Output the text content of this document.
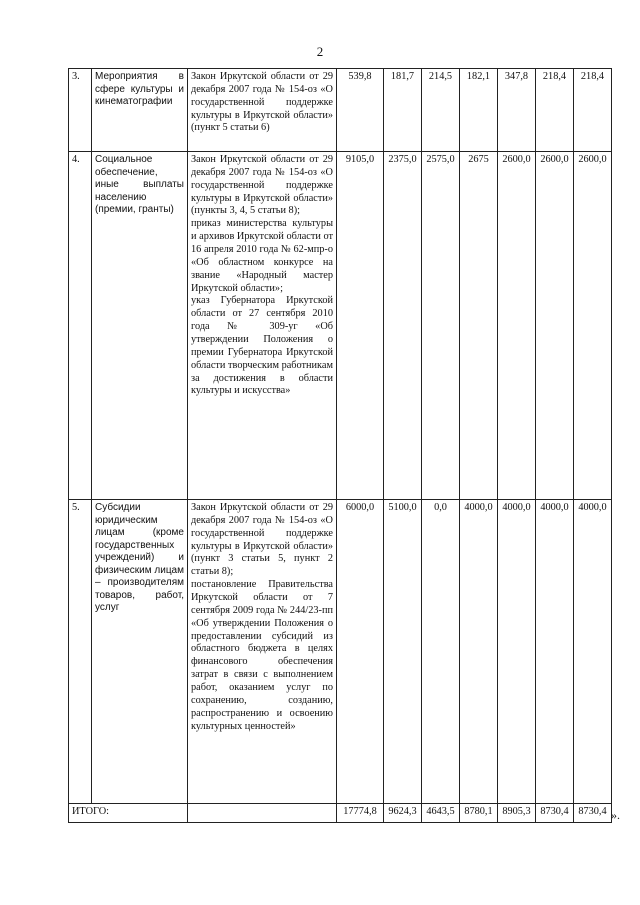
2
3.	Мероприятия в сфере культуры и кинематографии	Закон Иркутской области от 29 декабря 2007 года № 154-оз «О государственной поддержке культуры в Иркутской области» (пункт 5 статьи 6)	539,8	181,7	214,5	182,1	347,8	218,4	218,4
4.	Социальное обеспечение, иные выплаты населению (премии, гранты)	Закон Иркутской области от 29 декабря 2007 года № 154-оз «О государственной поддержке культуры в Иркутской области» (пункты 3, 4, 5 статьи 8);
приказ министерства культуры и архивов Иркутской области от 16 апреля 2010 года № 62-мпр-о «Об областном конкурсе на звание «Народный мастер Иркутской области»;
указ Губернатора Иркутской области от 27 сентября 2010 года № 309-уг «Об утверждении Положения о премии Губернатора Иркутской области творческим работникам за достижения в области культуры и искусства»	9105,0	2375,0	2575,0	2675	2600,0	2600,0	2600,0
5.	Субсидии юридическим лицам (кроме государственных учреждений) и физическим лицам – производителям товаров, работ, услуг	Закон Иркутской области от 29 декабря 2007 года № 154-оз «О государственной поддержке культуры в Иркутской области» (пункт 3 статьи 5, пункт 2 статьи 8);
постановление Правительства Иркутской области от 7 сентября 2009 года № 244/23-пп «Об утверждении Положения о предоставлении субсидий из областного бюджета в целях финансового обеспечения затрат в связи с выполнением работ, оказанием услуг по сохранению, созданию, распространению и освоению культурных ценностей»	6000,0	5100,0	0,0	4000,0	4000,0	4000,0	4000,0
ИТОГО:			17774,8	9624,3	4643,5	8780,1	8905,3	8730,4	8730,4 ».
